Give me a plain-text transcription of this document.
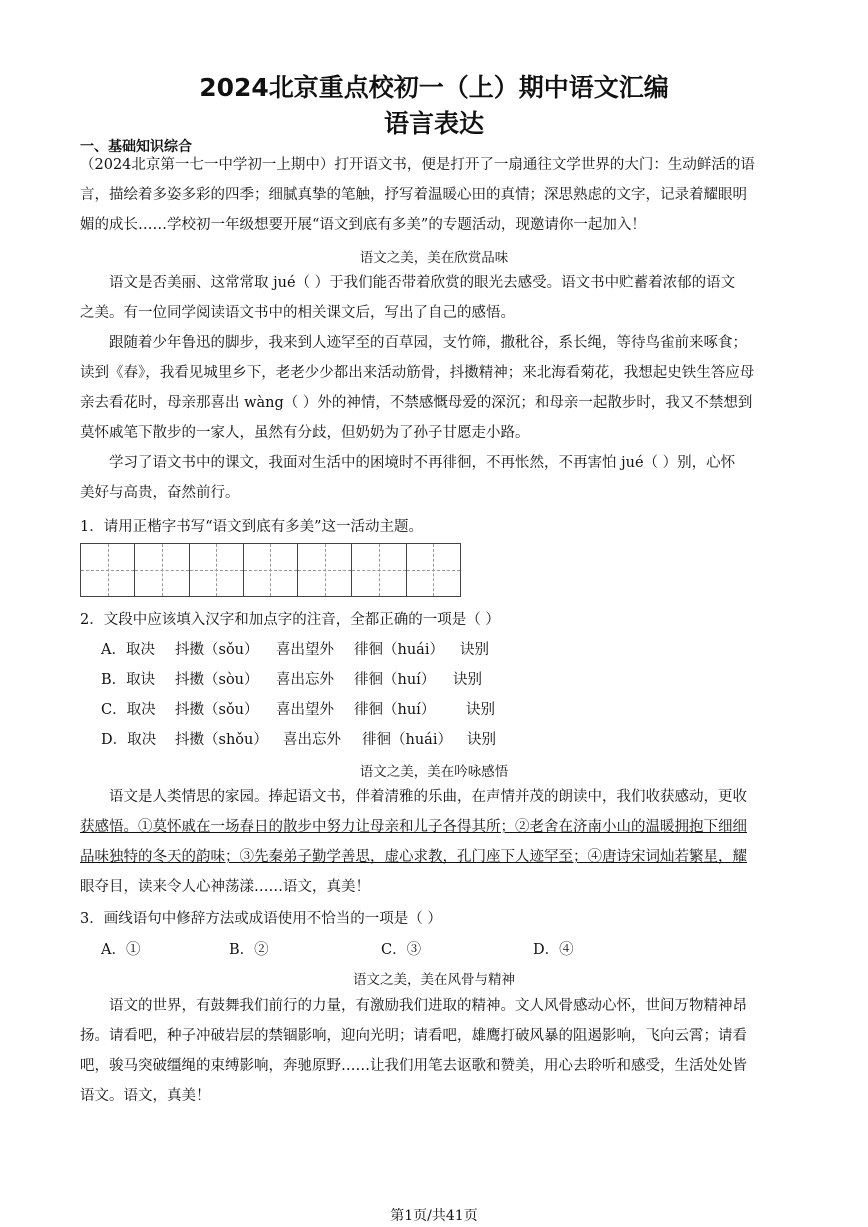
2024北京重点校初一（上）期中语文汇编
语言表达
一、基础知识综合
（2024北京第一七一中学初一上期中）打开语文书，便是打开了一扇通往文学世界的大门：生动鲜活的语
言，描绘着多姿多彩的四季；细腻真挚的笔触，抒写着温暖心田的真情；深思熟虑的文字，记录着耀眼明
媚的成长……学校初一年级想要开展“语文到底有多美”的专题活动，现邀请你一起加入！
语文之美，美在欣赏品味
语文是否美丽、这常常取 jué（ ）于我们能否带着欣赏的眼光去感受。语文书中贮蓄着浓郁的语文
之美。有一位同学阅读语文书中的相关课文后，写出了自己的感悟。
跟随着少年鲁迅的脚步，我来到人迹罕至的百草园，支竹筛，撒秕谷，系长绳，等待鸟雀前来啄食；
读到《春》，我看见城里乡下，老老少少都出来活动筋骨，抖擞精神；来北海看菊花，我想起史铁生答应母
亲去看花时，母亲那喜出 wàng（ ）外的神情，不禁感慨母爱的深沉；和母亲一起散步时，我又不禁想到
莫怀戚笔下散步的一家人，虽然有分歧，但奶奶为了孙子甘愿走小路。
学习了语文书中的课文，我面对生活中的困境时不再徘徊，不再怅然，不再害怕 jué（ ）别，心怀
美好与高贵，奋然前行。
1．请用正楷字书写“语文到底有多美”这一活动主题。
2．文段中应该填入汉字和加点字的注音，全都正确的一项是（ ）
A．取决 抖擞（sǒu） 喜出望外 徘徊（huái） 诀别
B．取诀 抖擞（sòu） 喜出忘外 徘徊（huí） 诀别
C．取决 抖擞（sǒu） 喜出望外 徘徊（huí） 诀别
D．取决 抖擞（shǒu） 喜出忘外 徘徊（huái） 诀别
语文之美，美在吟咏感悟
语文是人类情思的家园。捧起语文书，伴着清雅的乐曲，在声情并茂的朗读中，我们收获感动，更收
获感悟。①莫怀戚在一场春日的散步中努力让母亲和儿子各得其所；②老舍在济南小山的温暖拥抱下细细
品味独特的冬天的韵味；③先秦弟子勤学善思，虚心求教，孔门座下人迹罕至；④唐诗宋词灿若繁星，耀
眼夺目，读来令人心神荡漾……语文，真美！
3．画线语句中修辞方法或成语使用不恰当的一项是（ ）
A．①	B．②	C．③	D．④
语文之美，美在风骨与精神
语文的世界，有鼓舞我们前行的力量，有激励我们进取的精神。文人风骨感动心怀，世间万物精神昂
扬。请看吧，种子冲破岩层的禁锢影响，迎向光明；请看吧，雄鹰打破风暴的阻遏影响，飞向云霄；请看
吧，骏马突破缰绳的束缚影响，奔驰原野……让我们用笔去讴歌和赞美，用心去聆听和感受，生活处处皆
语文。语文，真美！
第1页/共41页
